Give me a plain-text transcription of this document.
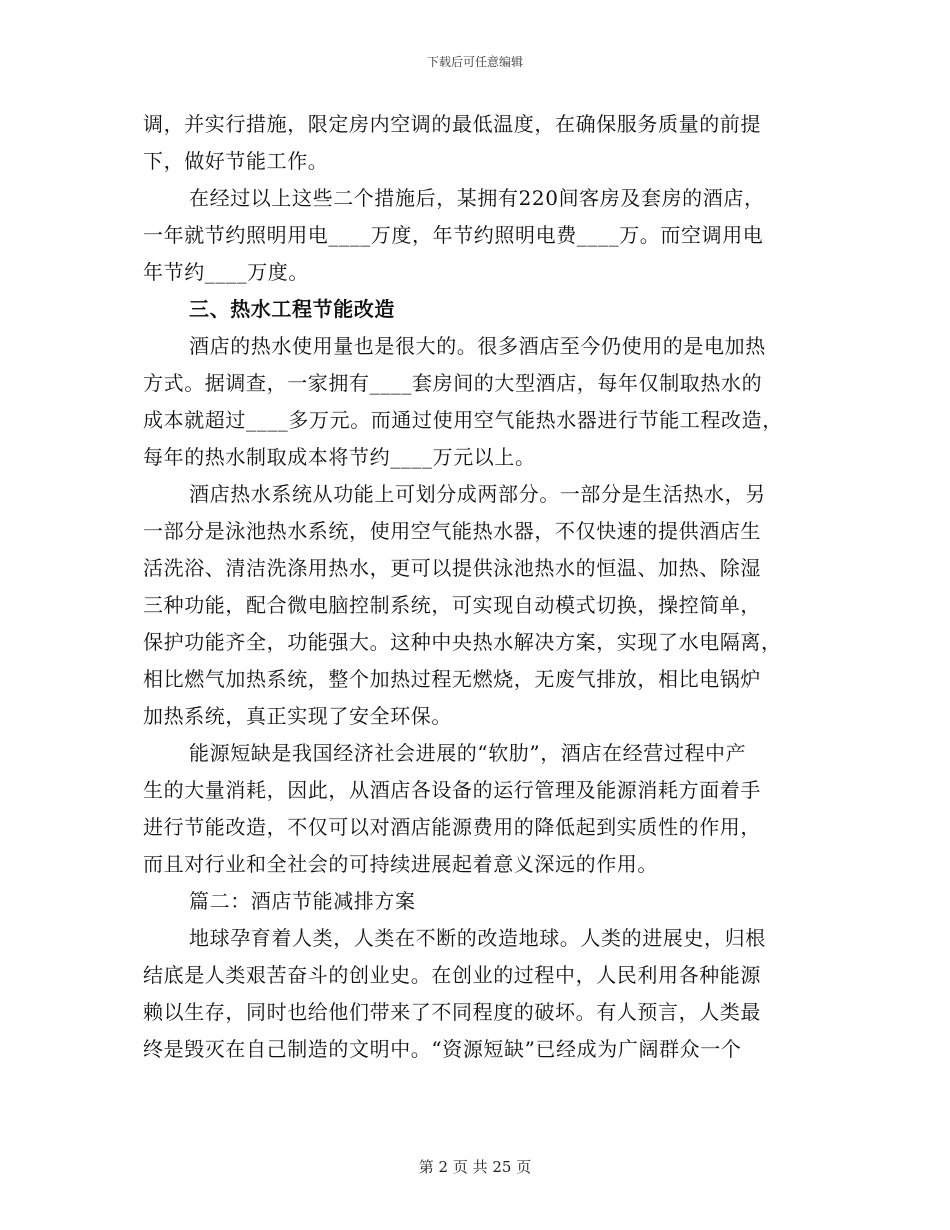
下载后可任意编辑
调，并实行措施，限定房内空调的最低温度，在确保服务质量的前提
下，做好节能工作。
在经过以上这些二个措施后，某拥有220间客房及套房的酒店，
一年就节约照明用电____万度，年节约照明电费____万。而空调用电
年节约____万度。
三、热水工程节能改造
酒店的热水使用量也是很大的。很多酒店至今仍使用的是电加热
方式。据调查，一家拥有____套房间的大型酒店，每年仅制取热水的
成本就超过____多万元。而通过使用空气能热水器进行节能工程改造，
每年的热水制取成本将节约____万元以上。
酒店热水系统从功能上可划分成两部分。一部分是生活热水，另
一部分是泳池热水系统，使用空气能热水器，不仅快速的提供酒店生
活洗浴、清洁洗涤用热水，更可以提供泳池热水的恒温、加热、除湿
三种功能，配合微电脑控制系统，可实现自动模式切换，操控简单，
保护功能齐全，功能强大。这种中央热水解决方案，实现了水电隔离，
相比燃气加热系统，整个加热过程无燃烧，无废气排放，相比电锅炉
加热系统，真正实现了安全环保。
能源短缺是我国经济社会进展的“软肋”，酒店在经营过程中产
生的大量消耗，因此，从酒店各设备的运行管理及能源消耗方面着手
进行节能改造，不仅可以对酒店能源费用的降低起到实质性的作用，
而且对行业和全社会的可持续进展起着意义深远的作用。
篇二：酒店节能减排方案
地球孕育着人类，人类在不断的改造地球。人类的进展史，归根
结底是人类艰苦奋斗的创业史。在创业的过程中，人民利用各种能源
赖以生存，同时也给他们带来了不同程度的破坏。有人预言，人类最
终是毁灭在自己制造的文明中。“资源短缺”已经成为广阔群众一个
第 2 页 共 25 页
